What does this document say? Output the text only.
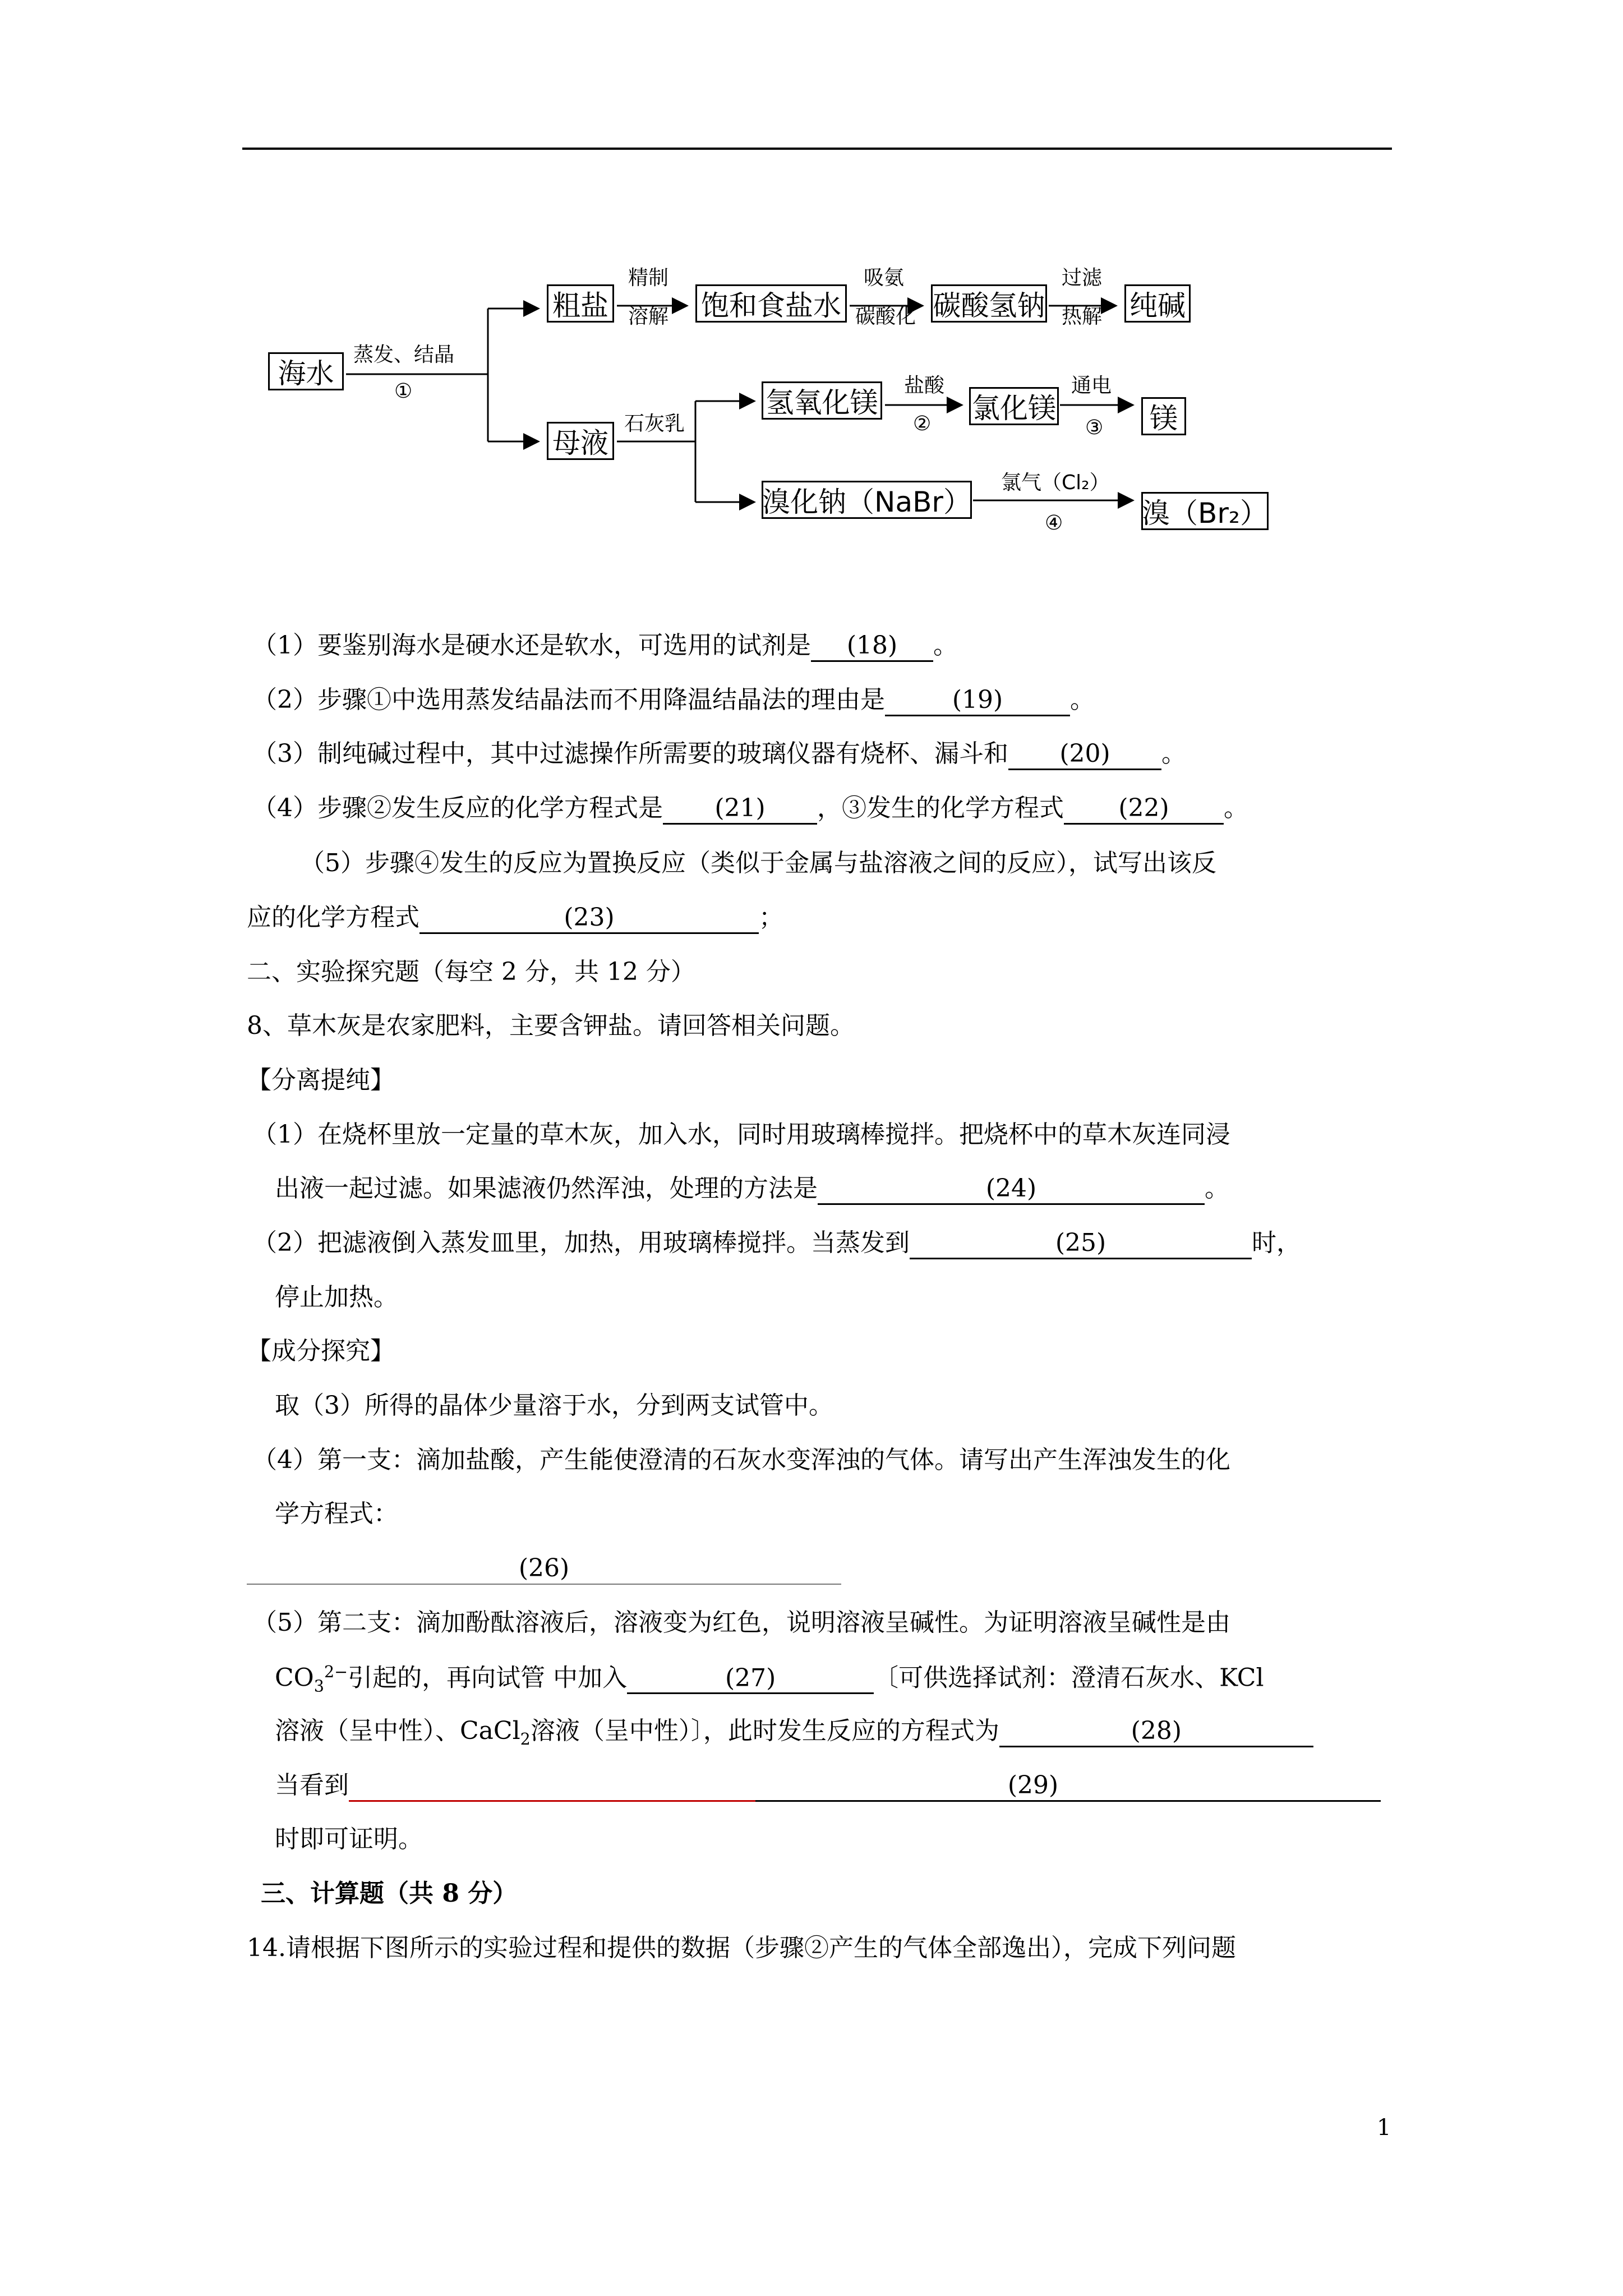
海水
粗盐	饱和食盐水	碳酸氢钠	纯碱
母液
氢氧化镁	氯化镁	镁
溴化钠（NaBr）	溴（Br₂）
蒸发、结晶
①
精制
溶解
吸氨
碳酸化
过滤
热解
石灰乳
盐酸
②
通电
③
氯气（Cl₂）
④
（1）要鉴别海水是硬水还是软水，可选用的试剂是 (18) 。
（2）步骤①中选用蒸发结晶法而不用降温结晶法的理由是	(19)	。
（3）制纯碱过程中，其中过滤操作所需要的玻璃仪器有烧杯、漏斗和 (20) 。
（4）步骤②发生反应的化学方程式是 (21) ，③发生的化学方程式 (22) 。
（5）步骤④发生的反应为置换反应（类似于金属与盐溶液之间的反应），试写出该反
应的化学方程式	(23)	；
二、实验探究题（每空 2 分，共 12 分）
8、草木灰是农家肥料，主要含钾盐。请回答相关问题。
【分离提纯】
（1）在烧杯里放一定量的草木灰，加入水，同时用玻璃棒搅拌。把烧杯中的草木灰连同浸
出液一起过滤。如果滤液仍然浑浊，处理的方法是	(24)	。
（2）把滤液倒入蒸发皿里，加热，用玻璃棒搅拌。当蒸发到	(25)	时，
停止加热。
【成分探究】
取（3）所得的晶体少量溶于水，分到两支试管中。
（4）第一支：滴加盐酸，产生能使澄清的石灰水变浑浊的气体。请写出产生浑浊发生的化
学方程式：
(26)
（5）第二支：滴加酚酞溶液后，溶液变为红色，说明溶液呈碱性。为证明溶液呈碱性是由
$CO_3^{2-}$引起的，再向试管 中加入	(27)	〔可供选择试剂：澄清石灰水、KCl
溶液（呈中性）、CaCl$_2$溶液（呈中性）〕，此时发生反应的方程式为	(28)
当看到	(29)
时即可证明。
三、计算题（共 8 分）
14.请根据下图所示的实验过程和提供的数据（步骤②产生的气体全部逸出），完成下列问题
1
